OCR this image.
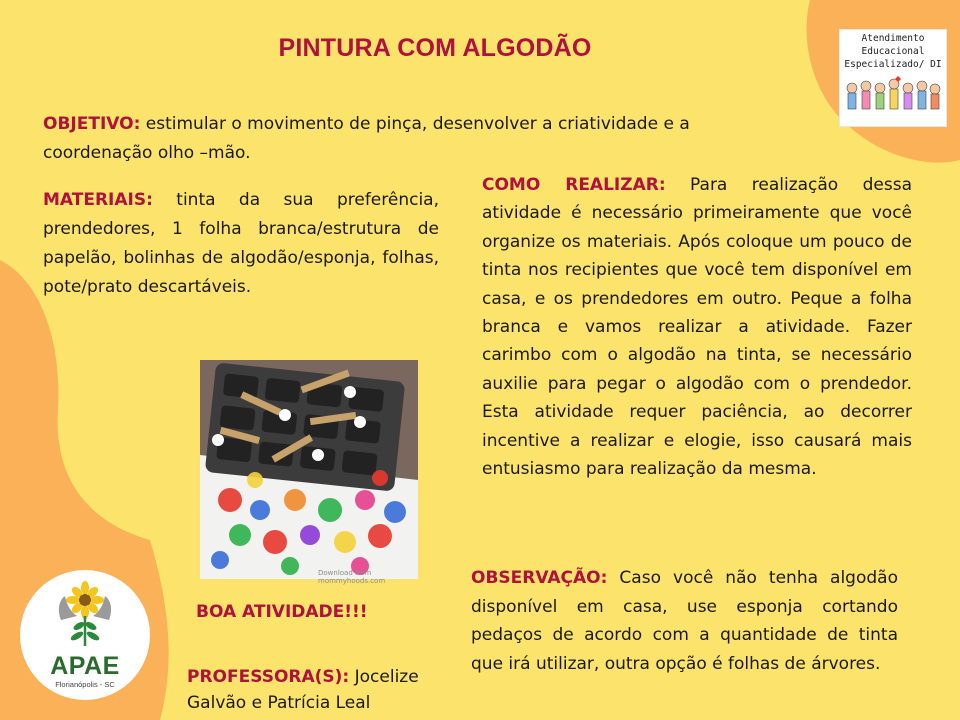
PINTURA COM ALGODÃO	Atendimento
Educacional
Especializado/ DI
OBJETIVO: estimular o movimento de pinça, desenvolver a criatividade e a coordenação olho –mão.
MATERIAIS: tinta da sua preferência, prendedores, 1 folha branca/estrutura de papelão, bolinhas de algodão/esponja, folhas, pote/prato descartáveis.
COMO REALIZAR: Para realização dessa atividade é necessário primeiramente que você organize os materiais. Após coloque um pouco de tinta nos recipientes que você tem disponível em casa, e os prendedores em outro. Peque a folha branca e vamos realizar a atividade. Fazer carimbo com o algodão na tinta, se necessário auxilie para pegar o algodão com o prendedor. Esta atividade requer paciência, ao decorrer incentive a realizar e elogie, isso causará mais entusiasmo para realização da mesma.
Download from mommyhoods.com	OBSERVAÇÃO: Caso você não tenha algodão disponível em casa, use esponja cortando pedaços de acordo com a quantidade de tinta que irá utilizar, outra opção é folhas de árvores.
BOA ATIVIDADE!!!
PROFESSORA(S): Jocelize Galvão e Patrícia Leal
APAE
Florianópolis - SC
